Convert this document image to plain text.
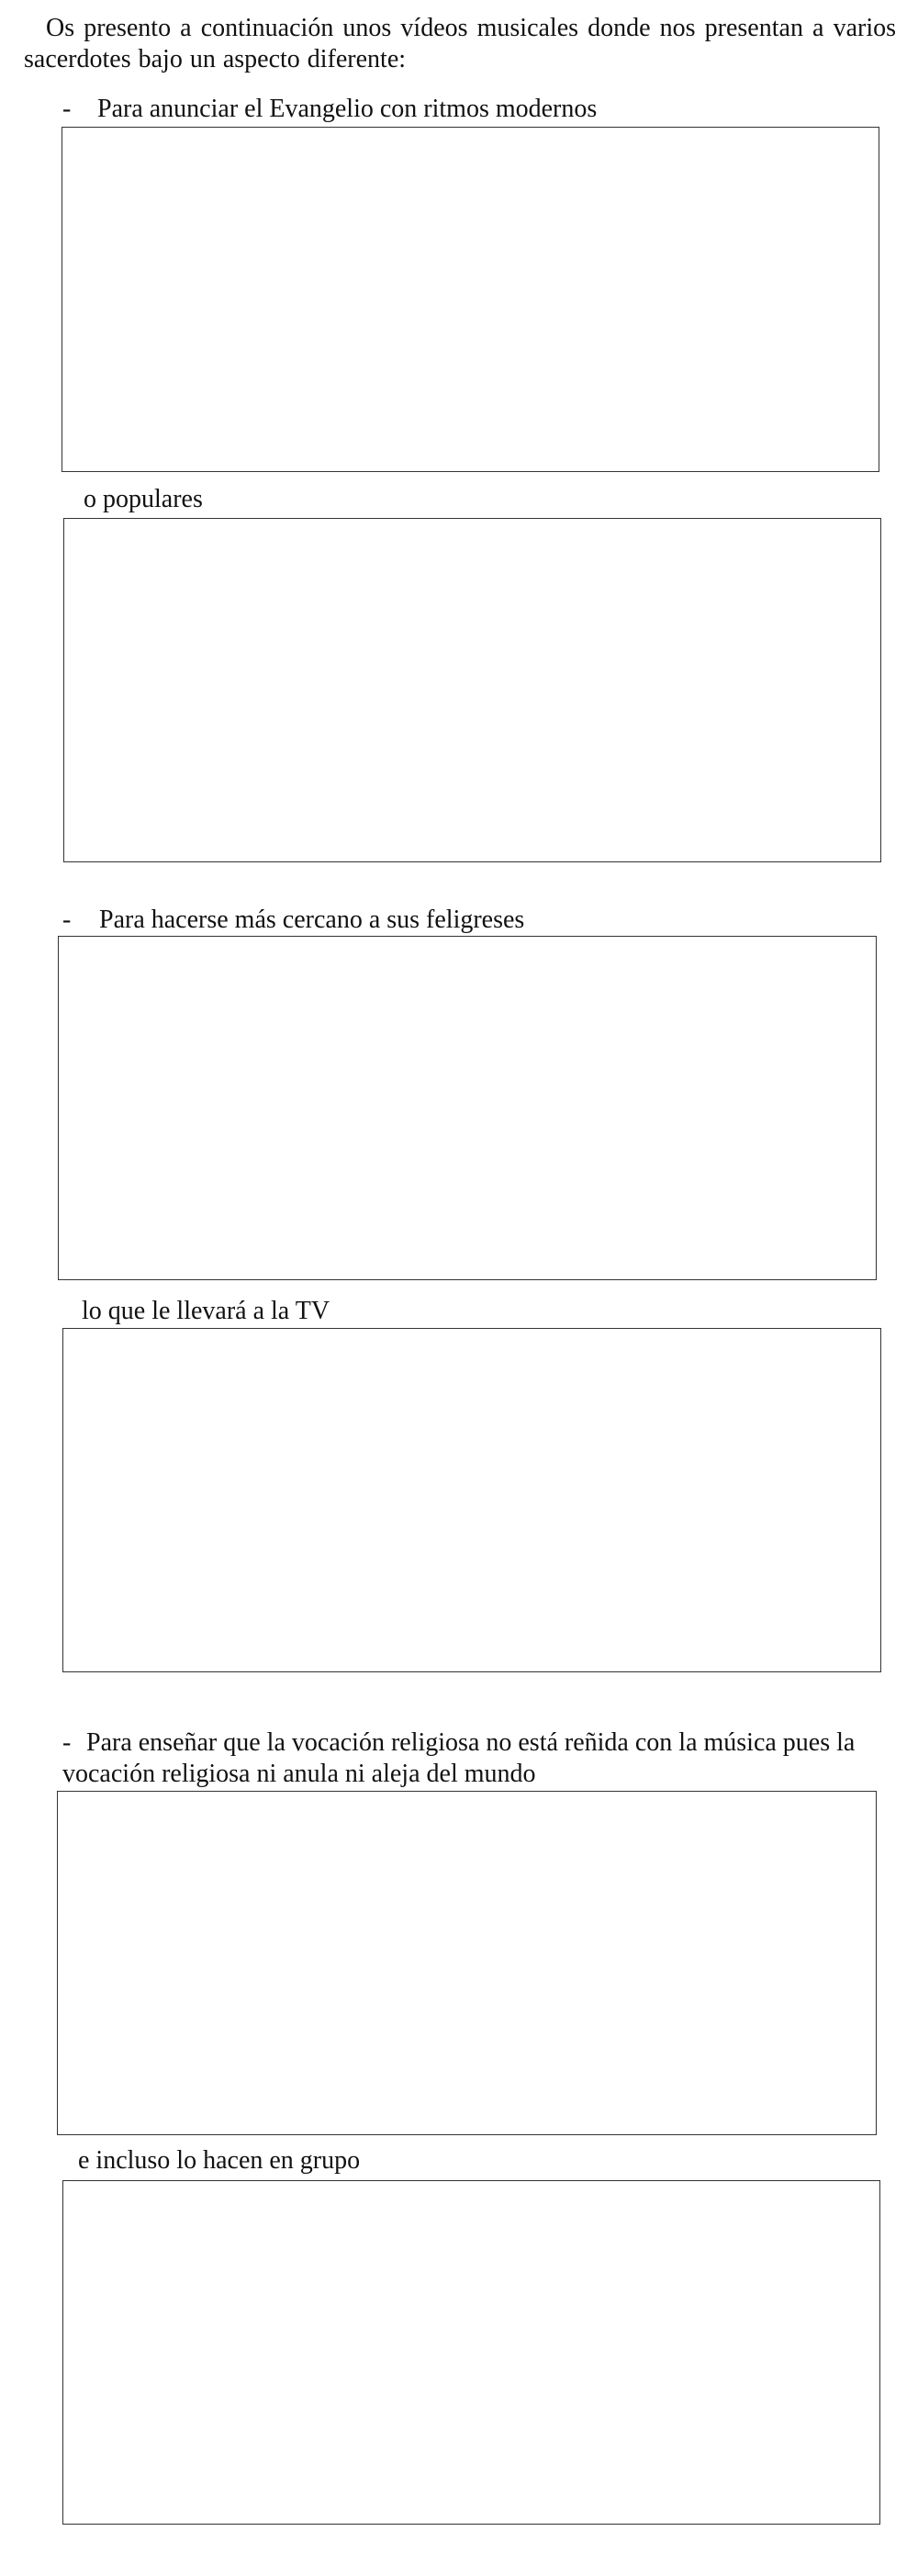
Os presento a continuación unos vídeos musicales donde nos presentan a varios sacerdotes bajo un aspecto diferente:

- Para anunciar el Evangelio con ritmos modernos
o populares
- Para hacerse más cercano a sus feligreses
lo que le llevará a la TV
- Para enseñar que la vocación religiosa no está reñida con la música pues la vocación religiosa ni anula ni aleja del mundo
e incluso lo hacen en grupo
